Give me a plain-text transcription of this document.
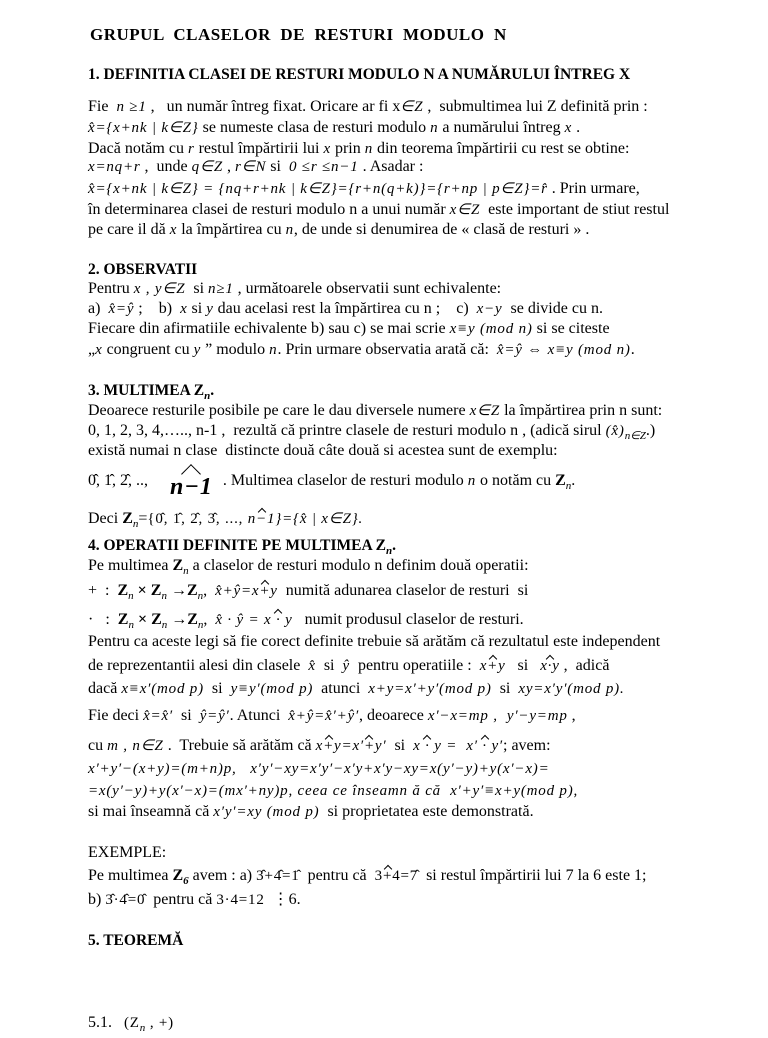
GRUPUL  CLASELOR  DE  RESTURI  MODULO  N
1. DEFINITIA CLASEI DE RESTURI MODULO N A NUMĂRULUI ÎNTREG X
Fie  n ≥1 ,   un număr întreg fixat. Oricare ar fi x∈Z ,  submultimea lui Z definită prin :
x̂={x+nk | k∈Z} se numeste clasa de resturi modulo n a numărului întreg x .
Dacă notăm cu r restul împărtirii lui x prin n din teorema împărtirii cu rest se obtine:
x=nq+r ,  unde q∈Z , r∈N si  0 ≤r ≤n−1 . Asadar :
x̂={x+nk | k∈Z} = {nq+r+nk | k∈Z}={r+n(q+k)}={r+np | p∈Z}=r̂ . Prin urmare,
în determinarea clasei de resturi modulo n a unui număr x∈Z  este important de stiut restul
pe care il dă x la împărtirea cu n, de unde si denumirea de « clasă de resturi » .
2. OBSERVATII
Pentru x , y∈Z  si n≥1 , următoarele observatii sunt echivalente:
a)  x̂=ŷ ;    b)  x si y dau acelasi rest la împărtirea cu n ;    c)  x−y  se divide cu n.
Fiecare din afirmatiile echivalente b) sau c) se mai scrie x≡y (mod n) si se citeste
„x congruent cu y ” modulo n. Prin urmare observatia arată că:  x̂=ŷ ⇔ x≡y (mod n).
3. MULTIMEA $Z_n$.
Deoarece resturile posibile pe care le dau diversele numere x∈Z la împărtirea prin n sunt:
0, 1, 2, 3, 4,….., n-1 ,  rezultă că printre clasele de resturi modulo n , (adică sirul $(x̂)_{n\in Z}$.)
există numai n clase  distincte două câte două si acestea sunt de exemplu:
0̂, 1̂, 2̂, ..,  n−1 . Multimea claselor de resturi modulo n o notăm cu $Z_n$.
Deci $Z_n=\{0̂$, 1̂, 2̂, 3̂, ..., n−1}={x̂ | x∈Z}.
4. OPERATII DEFINITE PE MULTIMEA $Z_n$.
Pe multimea $Z_n$ a claselor de resturi modulo n definim două operatii:
+  :  $Z_n \times Z_n \to Z_n$,  x̂+ŷ=x+y  numită adunarea claselor de resturi  si
·   :  $Z_n \times Z_n \to Z_n$,  x̂ · ŷ = x · y   numit produsul claselor de resturi.
Pentru ca aceste legi să fie corect definite trebuie să arătăm că rezultatul este independent
de reprezentantii alesi din clasele  x̂  si  ŷ  pentru operatiile :  x+y   si   x·y ,  adică
dacă x≡x′(mod p)  si  y≡y′(mod p)  atunci  x+y=x′+y′(mod p)  si  xy=x′y′(mod p).
Fie deci x̂=x̂′  si  ŷ=ŷ′. Atunci  x̂+ŷ=x̂′+ŷ′, deoarece x′−x=mp ,  y′−y=mp ,
cu m , n∈Z .  Trebuie să arătăm că x+y=x′+y′  si  x · y =  x′ · y′; avem:
x′+y′−(x+y)=(m+n)p,   x′y′−xy=x′y′−x′y+x′y−xy=x(y′−y)+y(x′−x)=
=x(y′−y)+y(x′−x)=(mx′+ny)p, ceea ce înseamn ă că  x′+y′≡x+y(mod p),
si mai înseamnă că x′y′=xy (mod p)  si proprietatea este demonstrată.
EXEMPLE:
Pe multimea $Z_6$ avem : a) 3̂+4̂=1̂  pentru că  3+4=7̂  si restul împărtirii lui 7 la 6 este 1;
b) 3̂·4̂=0̂  pentru că 3·4=12  ⋮6.
5. TEOREMĂ
5.1. ($Z_n$ , +)
